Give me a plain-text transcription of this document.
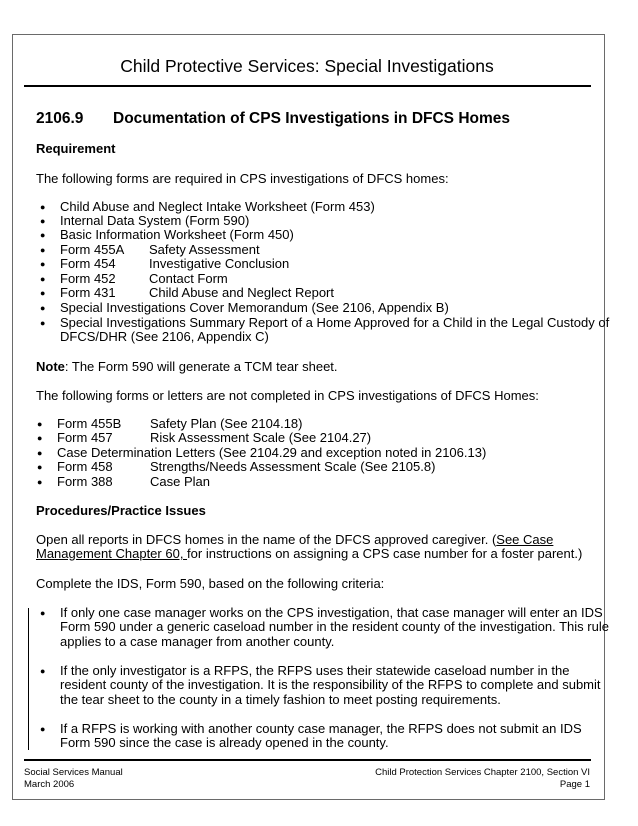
Child Protective Services: Special Investigations
2106.9 Documentation of CPS Investigations in DFCS Homes
Requirement
The following forms are required in CPS investigations of DFCS homes:
● Child Abuse and Neglect Intake Worksheet (Form 453)
● Internal Data System (Form 590)
● Basic Information Worksheet (Form 450)
● Form 455A Safety Assessment
● Form 454	Investigative Conclusion
● Form 452	Contact Form
● Form 431	Child Abuse and Neglect Report
● Special Investigations Cover Memorandum (See 2106, Appendix B)
● Special Investigations Summary Report of a Home Approved for a Child in the Legal Custody of
DFCS/DHR (See 2106, Appendix C)
Note: The Form 590 will generate a TCM tear sheet.
The following forms or letters are not completed in CPS investigations of DFCS Homes:
● Form 455B Safety Plan (See 2104.18)
● Form 457	Risk Assessment Scale (See 2104.27)
● Case Determination Letters (See 2104.29 and exception noted in 2106.13)
● Form 458	Strengths/Needs Assessment Scale (See 2105.8)
● Form 388	Case Plan
Procedures/Practice Issues
Open all reports in DFCS homes in the name of the DFCS approved caregiver. (See Case
Management Chapter 60, for instructions on assigning a CPS case number for a foster parent.)
Complete the IDS, Form 590, based on the following criteria:
● If only one case manager works on the CPS investigation, that case manager will enter an IDS
Form 590 under a generic caseload number in the resident county of the investigation. This rule
applies to a case manager from another county.
● If the only investigator is a RFPS, the RFPS uses their statewide caseload number in the
resident county of the investigation. It is the responsibility of the RFPS to complete and submit
the tear sheet to the county in a timely fashion to meet posting requirements.
● If a RFPS is working with another county case manager, the RFPS does not submit an IDS
Form 590 since the case is already opened in the county.
Social Services Manual
March 2006
Child Protection Services Chapter 2100, Section VI
Page 1
